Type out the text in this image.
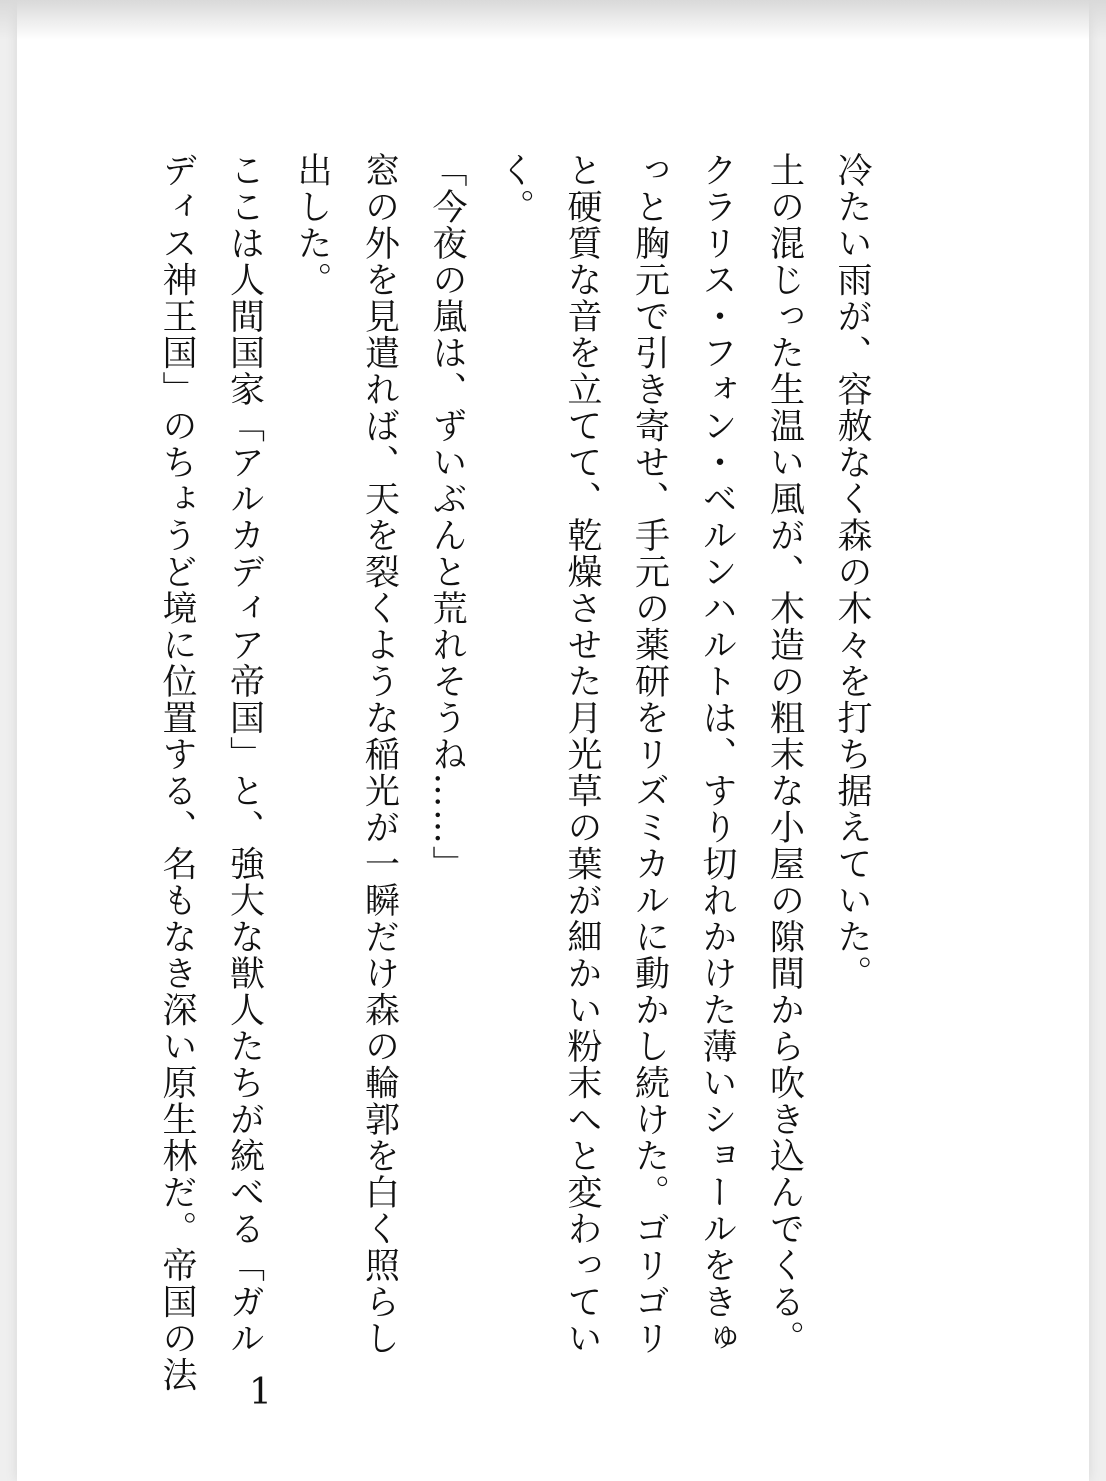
冷たい雨が、容赦なく森の木々を打ち据えていた。

土の混じった生温い風が、木造の粗末な小屋の隙間から吹き込んでくる。

クラリス・フォン・ベルンハルトは、すり切れかけた薄いショールをきゅ

っと胸元で引き寄せ、手元の薬研をリズミカルに動かし続けた。ゴリゴリ

と硬質な音を立てて、乾燥させた月光草の葉が細かい粉末へと変わってい

く。

「今夜の嵐は、ずいぶんと荒れそうね……」

窓の外を見遣れば、天を裂くような稲光が一瞬だけ森の輪郭を白く照らし

出した。

ここは人間国家「アルカディア帝国」と、強大な獣人たちが統べる「ガル

ディス神王国」のちょうど境に位置する、名もなき深い原生林だ。帝国の法	1
